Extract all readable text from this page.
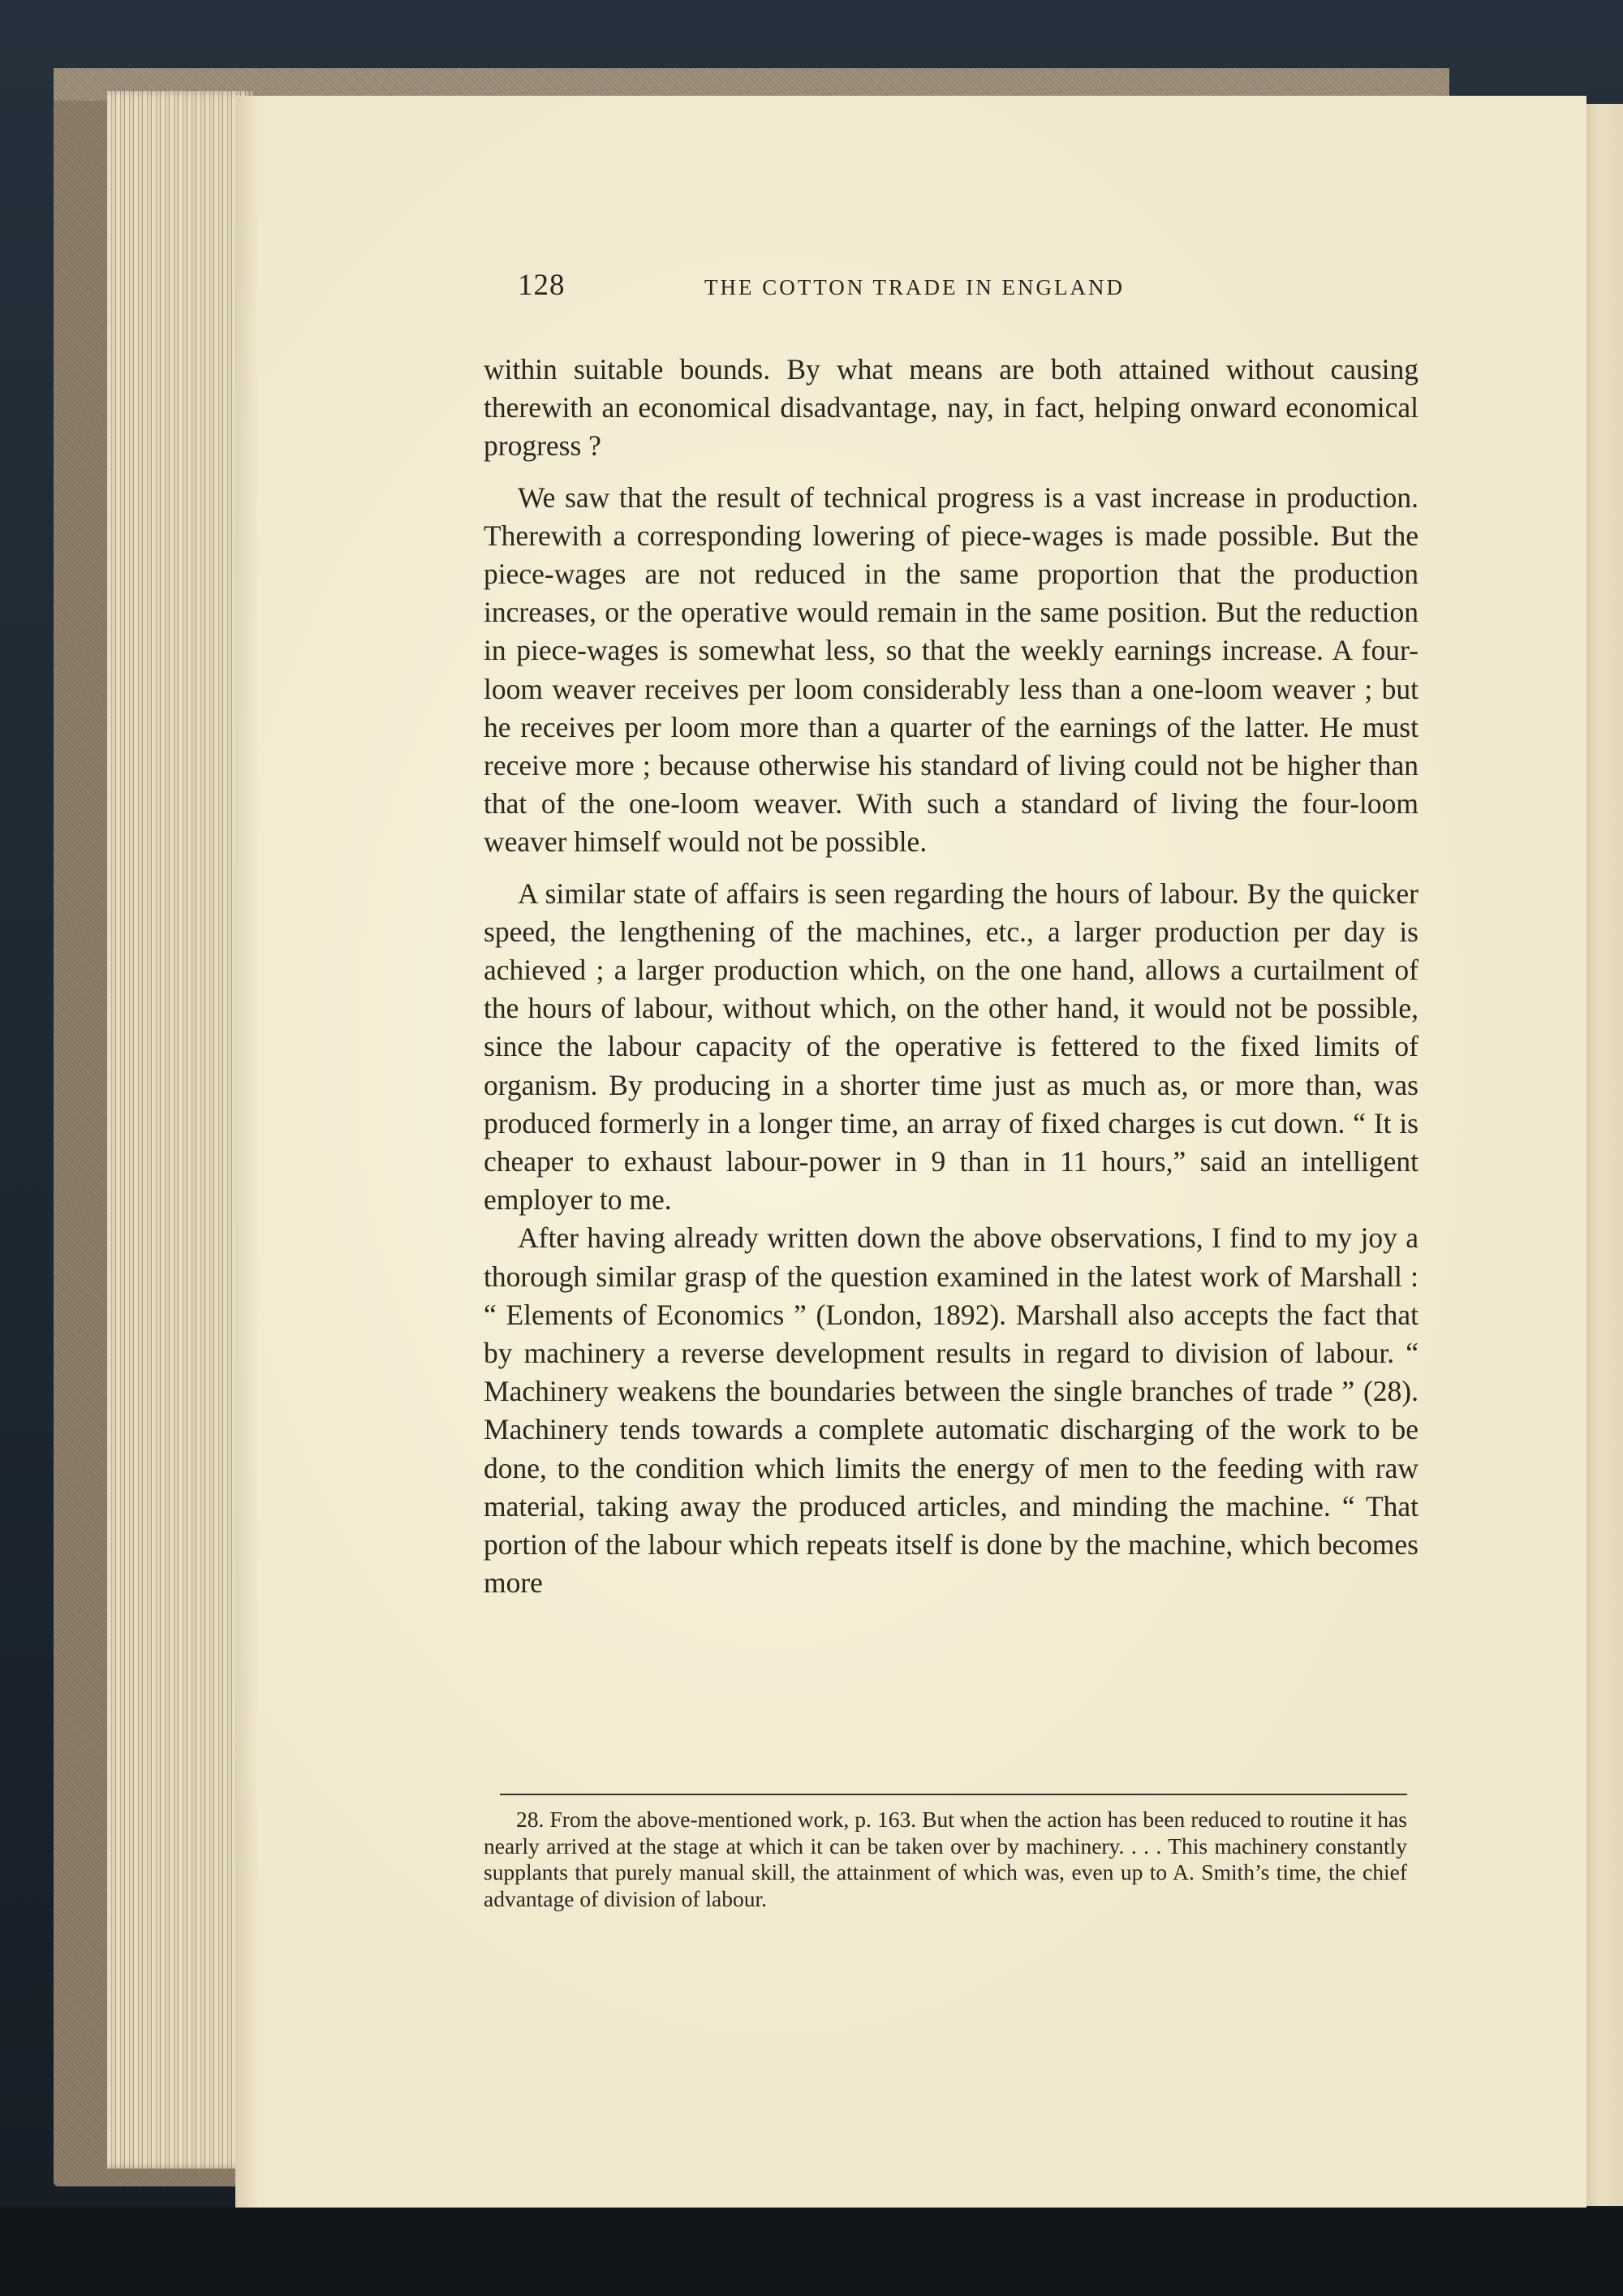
128	THE COTTON TRADE IN ENGLAND

within suitable bounds. By what means are both attained without causing therewith an economical disadvantage, nay, in fact, helping onward economical progress ?

We saw that the result of technical progress is a vast increase in production. Therewith a corresponding lowering of piece-wages is made possible. But the piece-wages are not reduced in the same proportion that the production increases, or the operative would remain in the same position. But the reduction in piece-wages is somewhat less, so that the weekly earnings increase. A four-loom weaver receives per loom considerably less than a one-loom weaver ; but he receives per loom more than a quarter of the earnings of the latter. He must receive more ; because otherwise his standard of living could not be higher than that of the one-loom weaver. With such a standard of living the four-loom weaver himself would not be possible.

A similar state of affairs is seen regarding the hours of labour. By the quicker speed, the lengthening of the machines, etc., a larger production per day is achieved ; a larger production which, on the one hand, allows a curtailment of the hours of labour, without which, on the other hand, it would not be possible, since the labour capacity of the operative is fettered to the fixed limits of organism. By producing in a shorter time just as much as, or more than, was produced formerly in a longer time, an array of fixed charges is cut down. “ It is cheaper to exhaust labour-power in 9 than in 11 hours,” said an intelligent employer to me.

After having already written down the above observations, I find to my joy a thorough similar grasp of the question examined in the latest work of Marshall : “ Elements of Economics ” (London, 1892). Marshall also accepts the fact that by machinery a reverse development results in regard to division of labour. “ Machinery weakens the boundaries between the single branches of trade ” (28). Machinery tends towards a complete automatic discharging of the work to be done, to the condition which limits the energy of men to the feeding with raw material, taking away the produced articles, and minding the machine. “ That portion of the labour which repeats itself is done by the machine, which becomes more

28. From the above-mentioned work, p. 163. But when the action has been reduced to routine it has nearly arrived at the stage at which it can be taken over by machinery. . . . This machinery constantly supplants that purely manual skill, the attainment of which was, even up to A. Smith’s time, the chief advantage of division of labour.
